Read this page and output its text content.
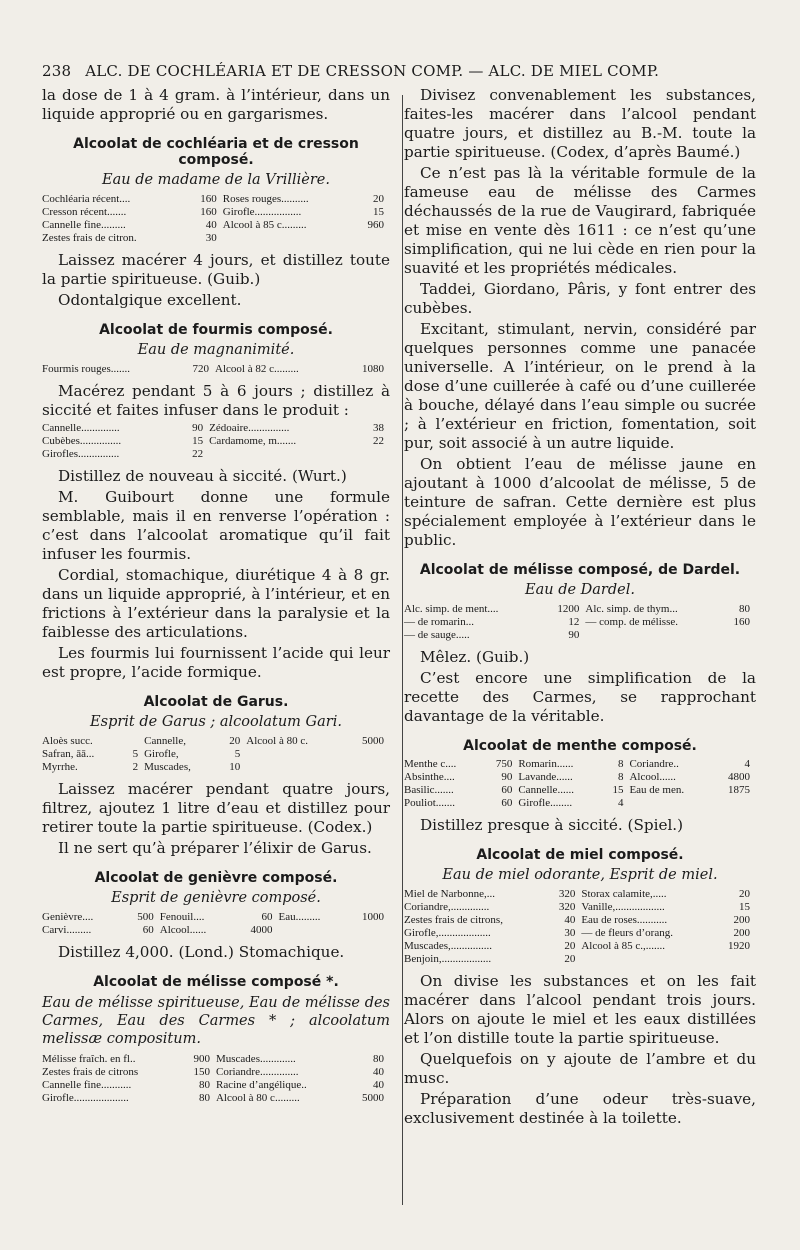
238 ALC. DE COCHLÉARIA ET DE CRESSON COMP. — ALC. DE MIEL COMP.

la dose de 1 à 4 gram. à l’intérieur, dans un liquide approprié ou en gargarismes.

Alcoolat de cochléaria et de cresson composé.
Eau de madame de la Vrillière.
Cochléaria récent....	160	Roses rouges..........	20
Cresson récent.......	160	Girofle.................	15
Cannelle fine.........	40	Alcool à 85 c.........	960
Zestes frais de citron.	30		

Laissez macérer 4 jours, et distillez toute la partie spiritueuse. (Guib.)

Odontalgique excellent.

Alcoolat de fourmis composé.
Eau de magnanimité.
Fourmis rouges.......	720	Alcool à 82 c.........	1080

Macérez pendant 5 à 6 jours ; distillez à siccité et faites infuser dans le produit :

Cannelle..............	90	Zédoaire...............	38
Cubèbes...............	15	Cardamome, m.......	22
Girofles...............	22		

Distillez de nouveau à siccité. (Wurt.)

M. Guibourt donne une formule semblable, mais il en renverse l’opération : c’est dans l’alcoolat aromatique qu’il fait infuser les fourmis.

Cordial, stomachique, diurétique 4 à 8 gr. dans un liquide approprié, à l’intérieur, et en frictions à l’extérieur dans la paralysie et la faiblesse des articulations.

Les fourmis lui fournissent l’acide qui leur est propre, l’acide formique.

Alcoolat de Garus.
Esprit de Garus ; alcoolatum Gari.
Aloès succ.		Cannelle,	20	Alcool à 80 c.	5000
Safran, āā...	5	Girofle,	5		
Myrrhe.	2	Muscades,	10		

Laissez macérer pendant quatre jours, filtrez, ajoutez 1 litre d’eau et distillez pour retirer toute la partie spiritueuse. (Codex.)

Il ne sert qu’à préparer l’élixir de Garus.

Alcoolat de genièvre composé.
Esprit de genièvre composé.
Genièvre....	500	Fenouil....	60	Eau.........	1000
Carvi.........	60	Alcool......	4000		

Distillez 4,000. (Lond.) Stomachique.

Alcoolat de mélisse composé *.
Eau de mélisse spiritueuse, Eau de mélisse des Carmes, Eau des Carmes * ; alcoolatum melissæ compositum.
Mélisse fraîch. en fl..	900	Muscades.............	80
Zestes frais de citrons	150	Coriandre..............	40
Cannelle fine...........	80	Racine d’angélique..	40
Girofle....................	80	Alcool à 80 c.........	5000

Divisez convenablement les substances, faites-les macérer dans l’alcool pendant quatre jours, et distillez au B.-M. toute la partie spiritueuse. (Codex, d’après Baumé.)

Ce n’est pas là la véritable formule de la fameuse eau de mélisse des Carmes déchaussés de la rue de Vaugirard, fabriquée et mise en vente dès 1611 : ce n’est qu’une simplification, qui ne lui cède en rien pour la suavité et les propriétés médicales.

Taddei, Giordano, Pâris, y font entrer des cubèbes.

Excitant, stimulant, nervin, considéré par quelques personnes comme une panacée universelle. A l’intérieur, on le prend à la dose d’une cuillerée à café ou d’une cuillerée à bouche, délayé dans l’eau simple ou sucrée ; à l’extérieur en friction, fomentation, soit pur, soit associé à un autre liquide.

On obtient l’eau de mélisse jaune en ajoutant à 1000 d’alcoolat de mélisse, 5 de teinture de safran. Cette dernière est plus spécialement employée à l’extérieur dans le public.

Alcoolat de mélisse composé, de Dardel.
Eau de Dardel.
Alc. simp. de ment....	1200	Alc. simp. de thym...	80
— de romarin...	12	— comp. de mélisse.	160
— de sauge.....	90		

Mêlez. (Guib.)

C’est encore une simplification de la recette des Carmes, se rapprochant davantage de la véritable.

Alcoolat de menthe composé.
Menthe c....	750	Romarin......	8	Coriandre..	4
Absinthe....	90	Lavande......	8	Alcool......	4800
Basilic.......	60	Cannelle......	15	Eau de men.	1875
Pouliot.......	60	Girofle........	4		

Distillez presque à siccité. (Spiel.)

Alcoolat de miel composé.
Eau de miel odorante, Esprit de miel.
Miel de Narbonne,...	320	Storax calamite,.....	20
Coriandre,..............	320	Vanille,..................	15
Zestes frais de citrons,	40	Eau de roses...........	200
Girofle,...................	30	— de fleurs d’orang.	200
Muscades,...............	20	Alcool à 85 c.,.......	1920
Benjoin,..................	20		

On divise les substances et on les fait macérer dans l’alcool pendant trois jours. Alors on ajoute le miel et les eaux distillées et l’on distille toute la partie spiritueuse.

Quelquefois on y ajoute de l’ambre et du musc.

Préparation d’une odeur très-suave, exclusivement destinée à la toilette.
